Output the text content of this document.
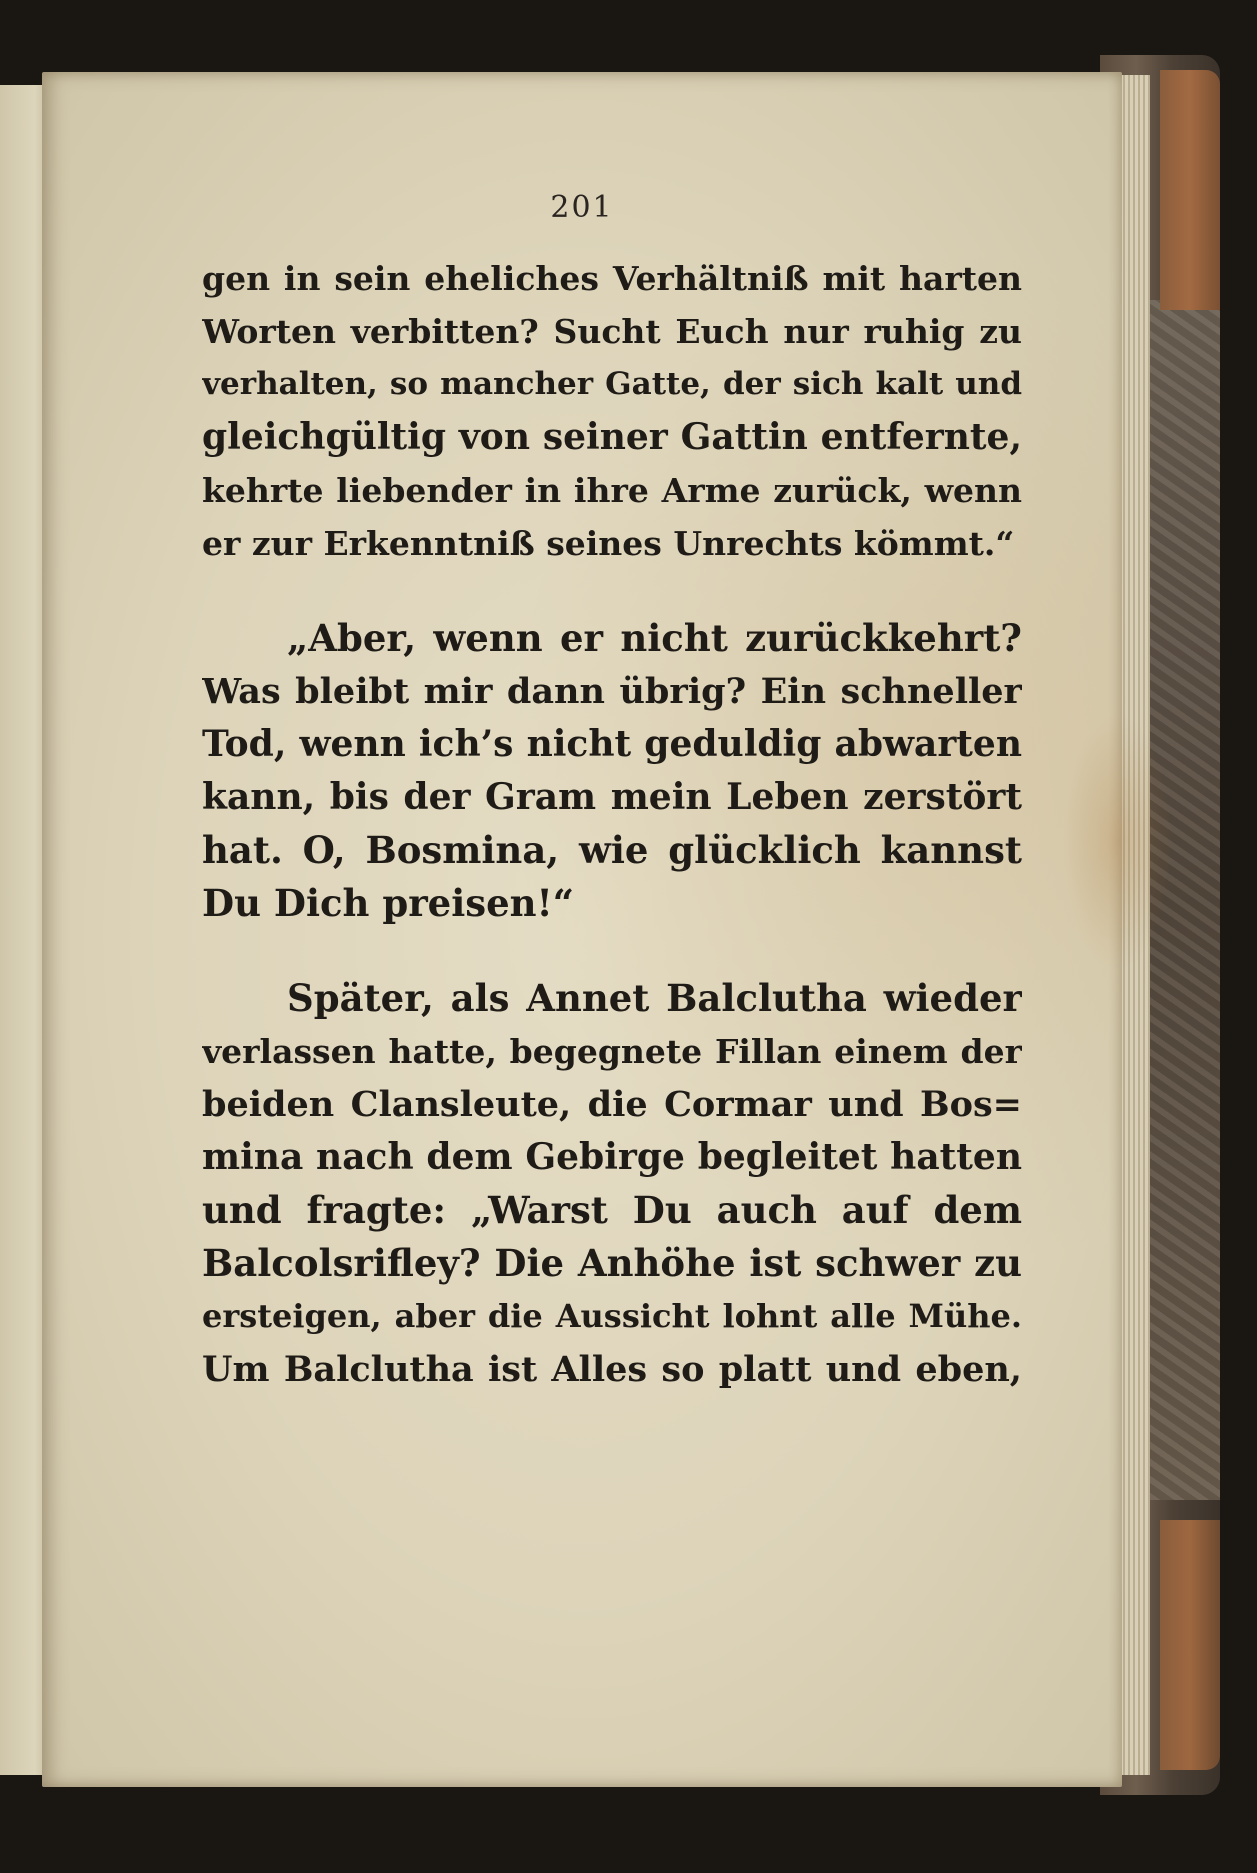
201
gen in sein eheliches Verhältniß mit harten
Worten verbitten? Sucht Euch nur ruhig zu
verhalten, so mancher Gatte, der sich kalt und
gleichgültig von seiner Gattin entfernte,
kehrte liebender in ihre Arme zurück, wenn
er zur Erkenntniß seines Unrechts kömmt.“
„Aber, wenn er nicht zurückkehrt?
Was bleibt mir dann übrig? Ein schneller
Tod, wenn ich’s nicht geduldig abwarten
kann, bis der Gram mein Leben zerstört
hat. O, Bosmina, wie glücklich kannst
Du Dich preisen!“
Später, als Annet Balclutha wieder
verlassen hatte, begegnete Fillan einem der
beiden Clansleute, die Cormar und Bos=
mina nach dem Gebirge begleitet hatten
und fragte: „Warst Du auch auf dem
Balcolsrifley? Die Anhöhe ist schwer zu
ersteigen, aber die Aussicht lohnt alle Mühe.
Um Balclutha ist Alles so platt und eben,
